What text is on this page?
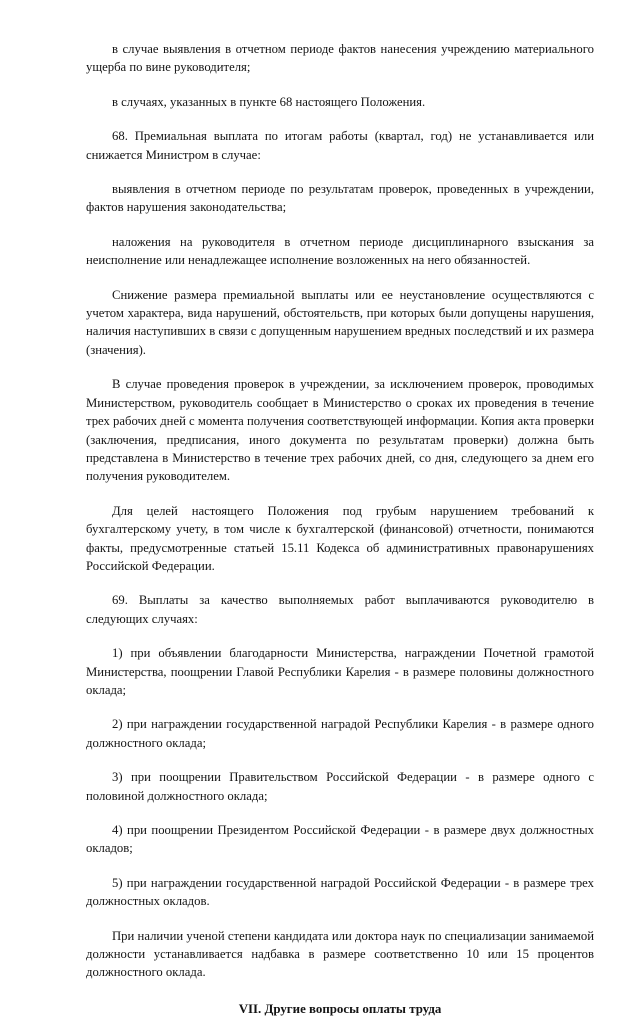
в случае выявления в отчетном периоде фактов нанесения учреждению материального ущерба по вине руководителя;

в случаях, указанных в пункте 68 настоящего Положения.

68. Премиальная выплата по итогам работы (квартал, год) не устанавливается или снижается Министром в случае:

выявления в отчетном периоде по результатам проверок, проведенных в учреждении, фактов нарушения законодательства;

наложения на руководителя в отчетном периоде дисциплинарного взыскания за неисполнение или ненадлежащее исполнение возложенных на него обязанностей.

Снижение размера премиальной выплаты или ее неустановление осуществляются с учетом характера, вида нарушений, обстоятельств, при которых были допущены нарушения, наличия наступивших в связи с допущенным нарушением вредных последствий и их размера (значения).

В случае проведения проверок в учреждении, за исключением проверок, проводимых Министерством, руководитель сообщает в Министерство о сроках их проведения в течение трех рабочих дней с момента получения соответствующей информации. Копия акта проверки (заключения, предписания, иного документа по результатам проверки) должна быть представлена в Министерство в течение трех рабочих дней, со дня, следующего за днем его получения руководителем.

Для целей настоящего Положения под грубым нарушением требований к бухгалтерскому учету, в том числе к бухгалтерской (финансовой) отчетности, понимаются факты, предусмотренные статьей 15.11 Кодекса об административных правонарушениях Российской Федерации.

69. Выплаты за качество выполняемых работ выплачиваются руководителю в следующих случаях:

1) при объявлении благодарности Министерства, награждении Почетной грамотой Министерства, поощрении Главой Республики Карелия - в размере половины должностного оклада;

2) при награждении государственной наградой Республики Карелия - в размере одного должностного оклада;

3) при поощрении Правительством Российской Федерации - в размере одного с половиной должностного оклада;

4) при поощрении Президентом Российской Федерации - в размере двух должностных окладов;

5) при награждении государственной наградой Российской Федерации - в размере трех должностных окладов.

При наличии ученой степени кандидата или доктора наук по специализации занимаемой должности устанавливается надбавка в размере соответственно 10 или 15 процентов должностного оклада.

VII. Другие вопросы оплаты труда
